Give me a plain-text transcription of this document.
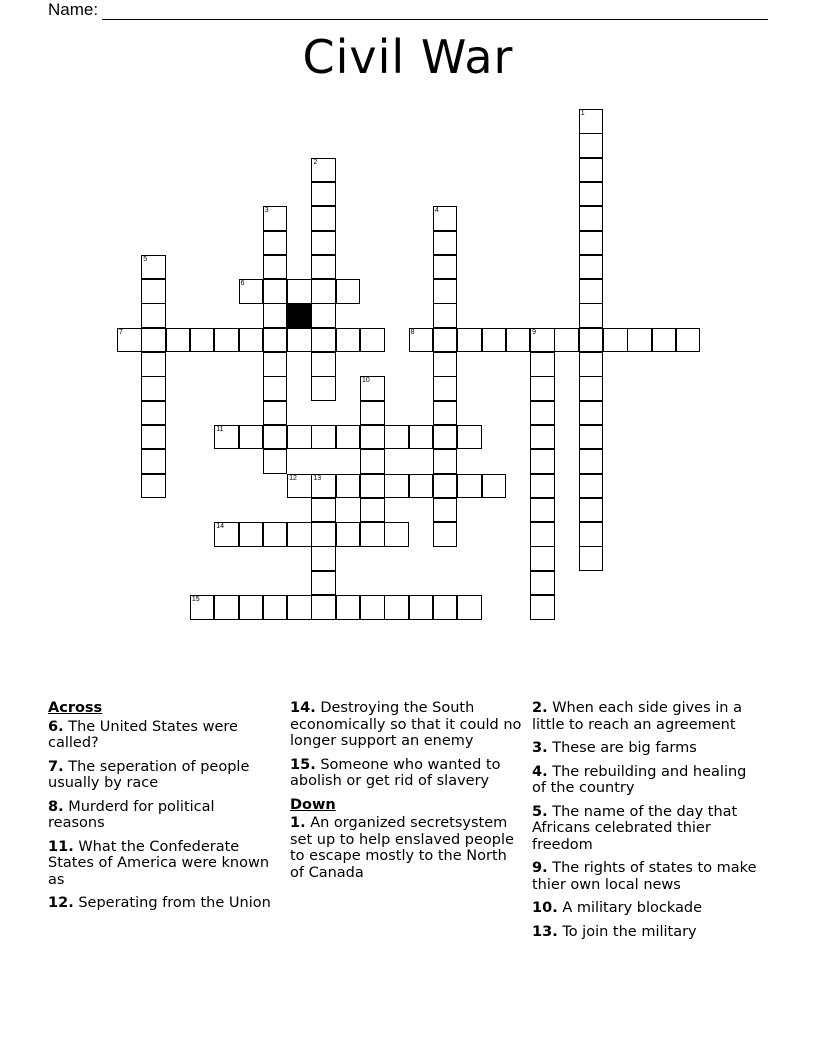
Name:
Civil War
6
7	8	9
11
12 13
14
15
1
2
3	4
5
10
Across
6. The United States were called?
7. The seperation of people usually by race
8. Murderd for political reasons
11. What the Confederate States of America were known as
12. Seperating from the Union
14. Destroying the South economically so that it could no longer support an enemy
15. Someone who wanted to abolish or get rid of slavery
Down
1. An organized secretsystem set up to help enslaved people to escape mostly to the North of Canada
2. When each side gives in a little to reach an agreement
3. These are big farms
4. The rebuilding and healing of the country
5. The name of the day that Africans celebrated thier freedom
9. The rights of states to make thier own local news
10. A military blockade
13. To join the military
